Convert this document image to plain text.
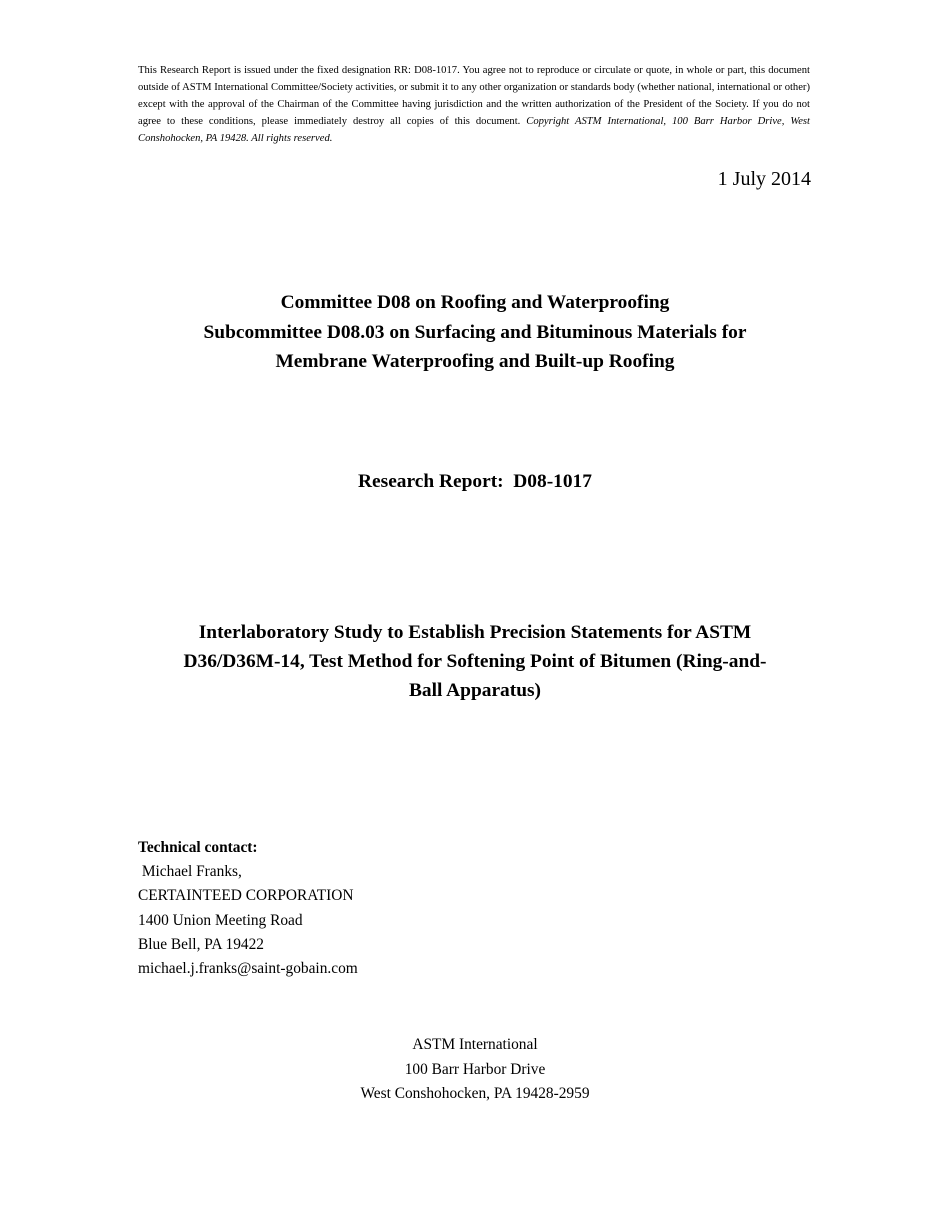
This Research Report is issued under the fixed designation RR: D08-1017. You agree not to reproduce or circulate or quote, in whole or part, this document outside of ASTM International Committee/Society activities, or submit it to any other organization or standards body (whether national, international or other) except with the approval of the Chairman of the Committee having jurisdiction and the written authorization of the President of the Society. If you do not agree to these conditions, please immediately destroy all copies of this document. Copyright ASTM International, 100 Barr Harbor Drive, West Conshohocken, PA 19428. All rights reserved.

1 July 2014
Committee D08 on Roofing and Waterproofing
Subcommittee D08.03 on Surfacing and Bituminous Materials for
Membrane Waterproofing and Built-up Roofing
Research Report:  D08-1017
Interlaboratory Study to Establish Precision Statements for ASTM
D36/D36M-14, Test Method for Softening Point of Bitumen (Ring-and-
Ball Apparatus)
Technical contact:
Michael Franks,
CERTAINTEED CORPORATION
1400 Union Meeting Road
Blue Bell, PA 19422
michael.j.franks@saint-gobain.com
ASTM International
100 Barr Harbor Drive
West Conshohocken, PA 19428-2959
